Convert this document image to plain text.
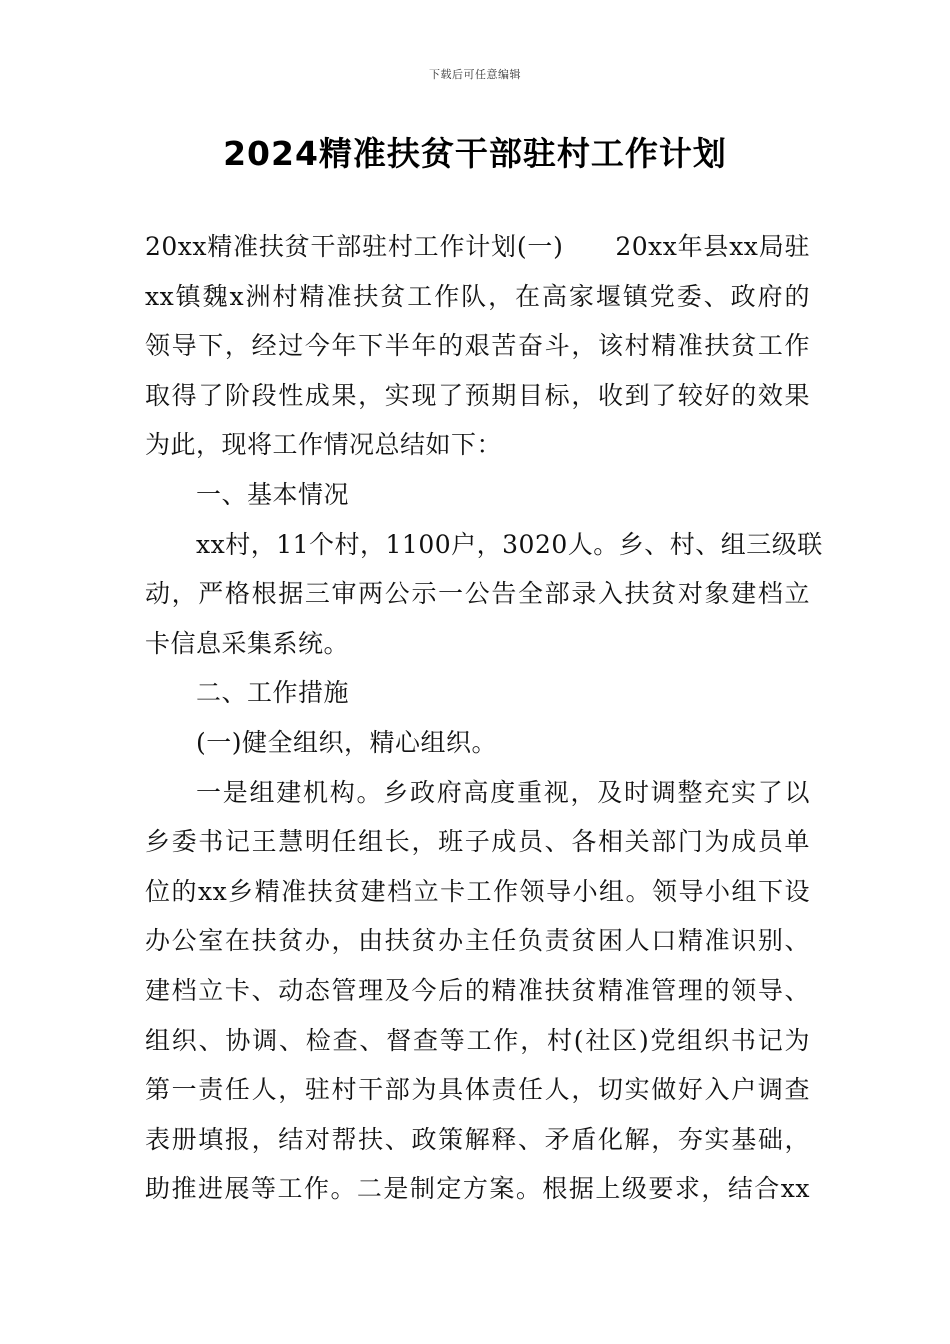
下载后可任意编辑
2024精准扶贫干部驻村工作计划
20xx精准扶贫干部驻村工作计划(一)　　20xx年县xx局驻
xx镇魏x洲村精准扶贫工作队，在高家堰镇党委、政府的
领导下，经过今年下半年的艰苦奋斗，该村精准扶贫工作
取得了阶段性成果，实现了预期目标，收到了较好的效果
为此，现将工作情况总结如下：
一、基本情况
xx村，11个村，1100户，3020人。乡、村、组三级联
动，严格根据三审两公示一公告全部录入扶贫对象建档立
卡信息采集系统。
二、工作措施
(一)健全组织，精心组织。
一是组建机构。乡政府高度重视，及时调整充实了以
乡委书记王慧明任组长，班子成员、各相关部门为成员单
位的xx乡精准扶贫建档立卡工作领导小组。领导小组下设
办公室在扶贫办，由扶贫办主任负责贫困人口精准识别、
建档立卡、动态管理及今后的精准扶贫精准管理的领导、
组织、协调、检查、督查等工作，村(社区)党组织书记为
第一责任人，驻村干部为具体责任人，切实做好入户调查
表册填报，结对帮扶、政策解释、矛盾化解，夯实基础，
助推进展等工作。二是制定方案。根据上级要求，结合xx
